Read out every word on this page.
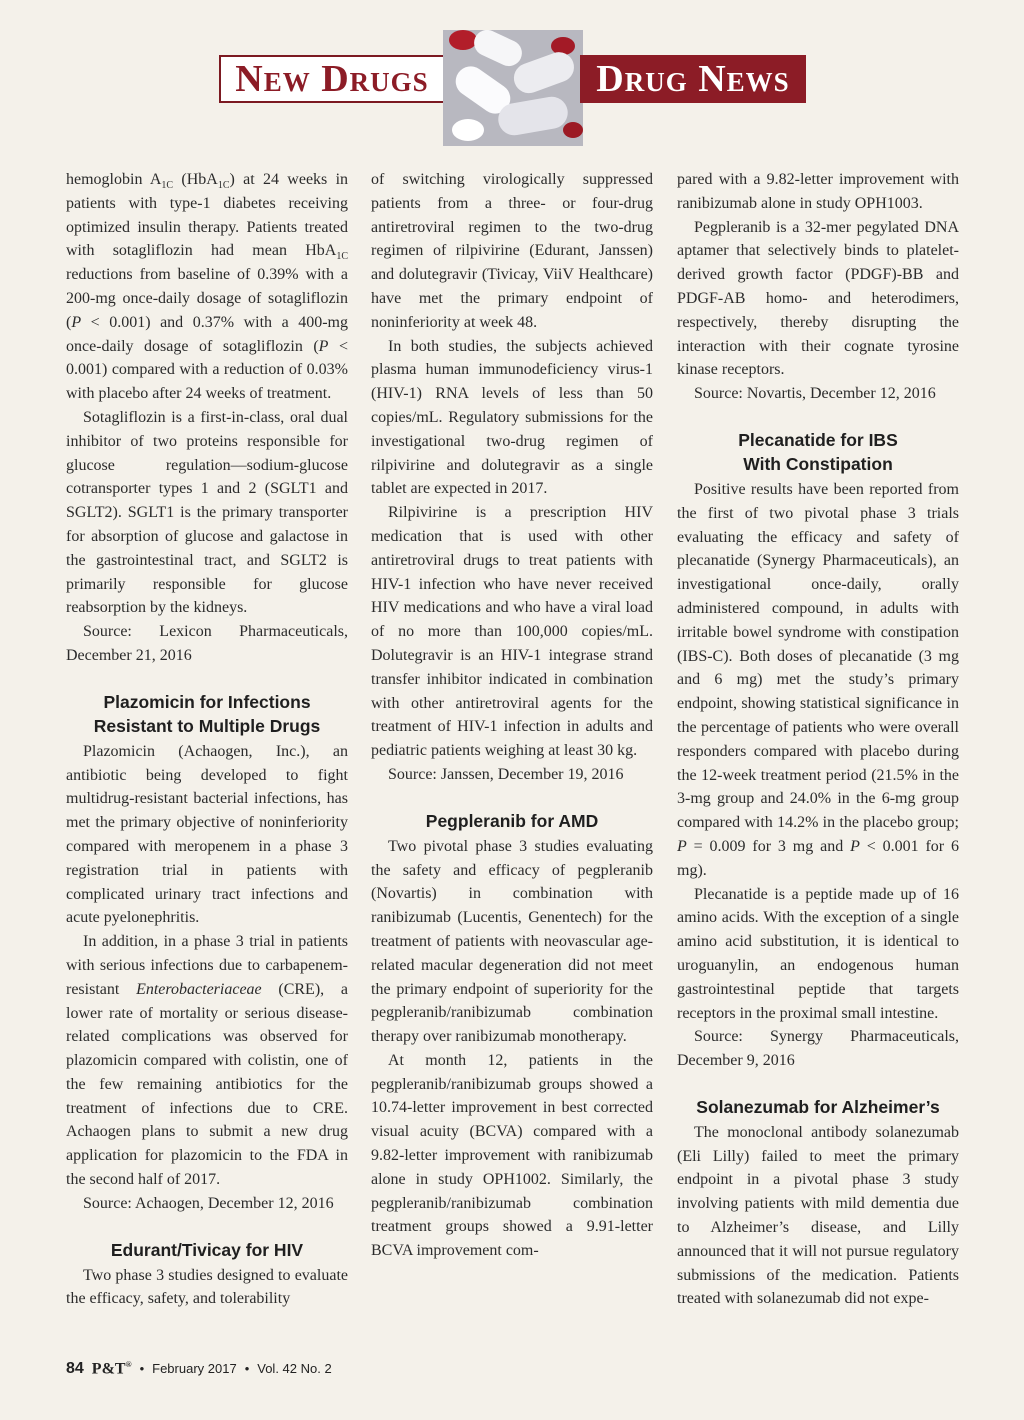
New Drugs	Drug News

hemoglobin $A_{1C}$ (HbA$_{1C}$) at 24 weeks in patients with type-1 diabetes receiving optimized insulin therapy. Patients treated with sotagliflozin had mean HbA$_{1C}$ reductions from baseline of 0.39% with a 200-mg once-daily dosage of sotagliflozin (P < 0.001) and 0.37% with a 400-mg once-daily dosage of sotagliflozin (P < 0.001) compared with a reduction of 0.03% with placebo after 24 weeks of treatment.

Sotagliflozin is a first-in-class, oral dual inhibitor of two proteins responsible for glucose regulation—sodium-glucose cotransporter types 1 and 2 (SGLT1 and SGLT2). SGLT1 is the primary transporter for absorption of glucose and galactose in the gastrointestinal tract, and SGLT2 is primarily responsible for glucose reabsorption by the kidneys.

Source: Lexicon Pharmaceuticals, December 21, 2016

Plazomicin for Infections
Resistant to Multiple Drugs

Plazomicin (Achaogen, Inc.), an antibiotic being developed to fight multidrug-resistant bacterial infections, has met the primary objective of noninferiority compared with meropenem in a phase 3 registration trial in patients with complicated urinary tract infections and acute pyelonephritis.

In addition, in a phase 3 trial in patients with serious infections due to carbapenem-resistant Enterobacteriaceae (CRE), a lower rate of mortality or serious disease-related complications was observed for plazomicin compared with colistin, one of the few remaining antibiotics for the treatment of infections due to CRE. Achaogen plans to submit a new drug application for plazomicin to the FDA in the second half of 2017.

Source: Achaogen, December 12, 2016

Edurant/Tivicay for HIV

Two phase 3 studies designed to evaluate the efficacy, safety, and tolerability

of switching virologically suppressed patients from a three- or four-drug antiretroviral regimen to the two-drug regimen of rilpivirine (Edurant, Janssen) and dolutegravir (Tivicay, ViiV Healthcare) have met the primary endpoint of noninferiority at week 48.

In both studies, the subjects achieved plasma human immunodeficiency virus-1 (HIV-1) RNA levels of less than 50 copies/mL. Regulatory submissions for the investigational two-drug regimen of rilpivirine and dolutegravir as a single tablet are expected in 2017.

Rilpivirine is a prescription HIV medication that is used with other antiretroviral drugs to treat patients with HIV-1 infection who have never received HIV medications and who have a viral load of no more than 100,000 copies/mL. Dolutegravir is an HIV-1 integrase strand transfer inhibitor indicated in combination with other antiretroviral agents for the treatment of HIV-1 infection in adults and pediatric patients weighing at least 30 kg.

Source: Janssen, December 19, 2016

Pegpleranib for AMD

Two pivotal phase 3 studies evaluating the safety and efficacy of pegpleranib (Novartis) in combination with ranibizumab (Lucentis, Genentech) for the treatment of patients with neovascular age-related macular degeneration did not meet the primary endpoint of superiority for the pegpleranib/ranibizumab combination therapy over ranibizumab monotherapy.

At month 12, patients in the pegpleranib/ranibizumab groups showed a 10.74-letter improvement in best corrected visual acuity (BCVA) compared with a 9.82-letter improvement with ranibizumab alone in study OPH1002. Similarly, the pegpleranib/ranibizumab combination treatment groups showed a 9.91-letter BCVA improvement com-

pared with a 9.82-letter improvement with ranibizumab alone in study OPH1003.

Pegpleranib is a 32-mer pegylated DNA aptamer that selectively binds to platelet-derived growth factor (PDGF)-BB and PDGF-AB homo- and heterodimers, respectively, thereby disrupting the interaction with their cognate tyrosine kinase receptors.

Source: Novartis, December 12, 2016

Plecanatide for IBS
With Constipation

Positive results have been reported from the first of two pivotal phase 3 trials evaluating the efficacy and safety of plecanatide (Synergy Pharmaceuticals), an investigational once-daily, orally administered compound, in adults with irritable bowel syndrome with constipation (IBS-C). Both doses of plecanatide (3 mg and 6 mg) met the study’s primary endpoint, showing statistical significance in the percentage of patients who were overall responders compared with placebo during the 12-week treatment period (21.5% in the 3-mg group and 24.0% in the 6-mg group compared with 14.2% in the placebo group; P = 0.009 for 3 mg and P < 0.001 for 6 mg).

Plecanatide is a peptide made up of 16 amino acids. With the exception of a single amino acid substitution, it is identical to uroguanylin, an endogenous human gastrointestinal peptide that targets receptors in the proximal small intestine.

Source: Synergy Pharmaceuticals, December 9, 2016

Solanezumab for Alzheimer’s

The monoclonal antibody solanezumab (Eli Lilly) failed to meet the primary endpoint in a pivotal phase 3 study involving patients with mild dementia due to Alzheimer’s disease, and Lilly announced that it will not pursue regulatory submissions of the medication. Patients treated with solanezumab did not expe-

84 P&T® • February 2017 • Vol. 42 No. 2
